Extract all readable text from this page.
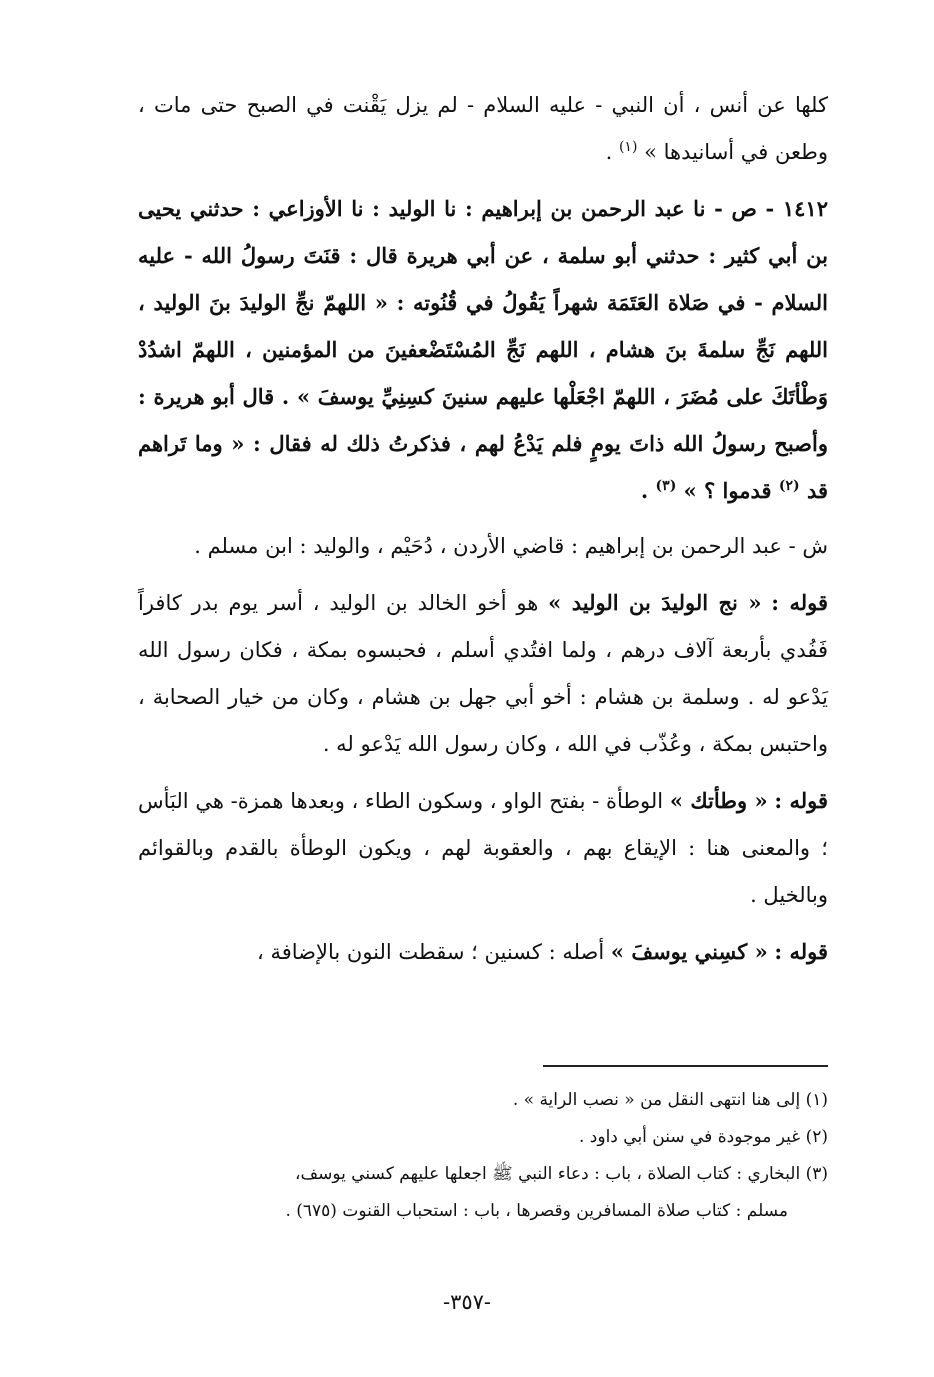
كلها عن أنس ، أن النبي - عليه السلام - لم يزل يَقْنت في الصبح حتى مات ، وطعن في أسانيدها » $^{(١)}$ .

١٤١٢ - ص - نا عبد الرحمن بن إبراهيم : نا الوليد : نا الأوزاعي : حدثني يحيى بن أبي كثير : حدثني أبو سلمة ، عن أبي هريرة قال : قنَتَ رسولُ الله - عليه السلام - في صَلاة العَتَمَة شهراً يَقُولُ في قُنُوته : « اللهمّ نجِّ الوليدَ بنَ الوليد ، اللهم نَجِّ سلمةَ بنَ هشام ، اللهم نَجِّ المُسْتَضْعفينَ من المؤمنين ، اللهمّ اشدُدْ وَطْأتَكَ على مُضَرَ ، اللهمّ اجْعَلْها عليهم سنينَ كسِنِيِّ يوسفَ » . قال أبو هريرة : وأصبح رسولُ الله ذاتَ يومٍ فلم يَدْعُ لهم ، فذكرتُ ذلك له فقال : « وما تَراهم قد $^{(٢)}$ قدموا ؟ » $^{(٣)}$ .

ش - عبد الرحمن بن إبراهيم : قاضي الأردن ، دُحَيْم ، والوليد : ابن مسلم .

قوله : « نج الوليدَ بن الوليد » هو أخو الخالد بن الوليد ، أسر يوم بدر كافراً فَفُدي بأربعة آلاف درهم ، ولما افتُدي أسلم ، فحبسوه بمكة ، فكان رسول الله يَدْعو له . وسلمة بن هشام : أخو أبي جهل بن هشام ، وكان من خيار الصحابة ، واحتبس بمكة ، وعُذّب في الله ، وكان رسول الله يَدْعو له .

قوله : « وطأتك » الوطأة - بفتح الواو ، وسكون الطاء ، وبعدها همزة- هي البَأس ؛ والمعنى هنا : الإيقاع بهم ، والعقوبة لهم ، ويكون الوطأة بالقدم وبالقوائم وبالخيل .

قوله : « كسِني يوسفَ » أصله : كسنين ؛ سقطت النون بالإضافة ،

(١) إلى هنا انتهى النقل من « نصب الراية » .

(٢) غير موجودة في سنن أبي داود .

(٣) البخاري : كتاب الصلاة ، باب : دعاء النبي ﷺ اجعلها عليهم كسني يوسف،

مسلم : كتاب صلاة المسافرين وقصرها ، باب : استحباب القنوت (٦٧٥) .

-٣٥٧-
